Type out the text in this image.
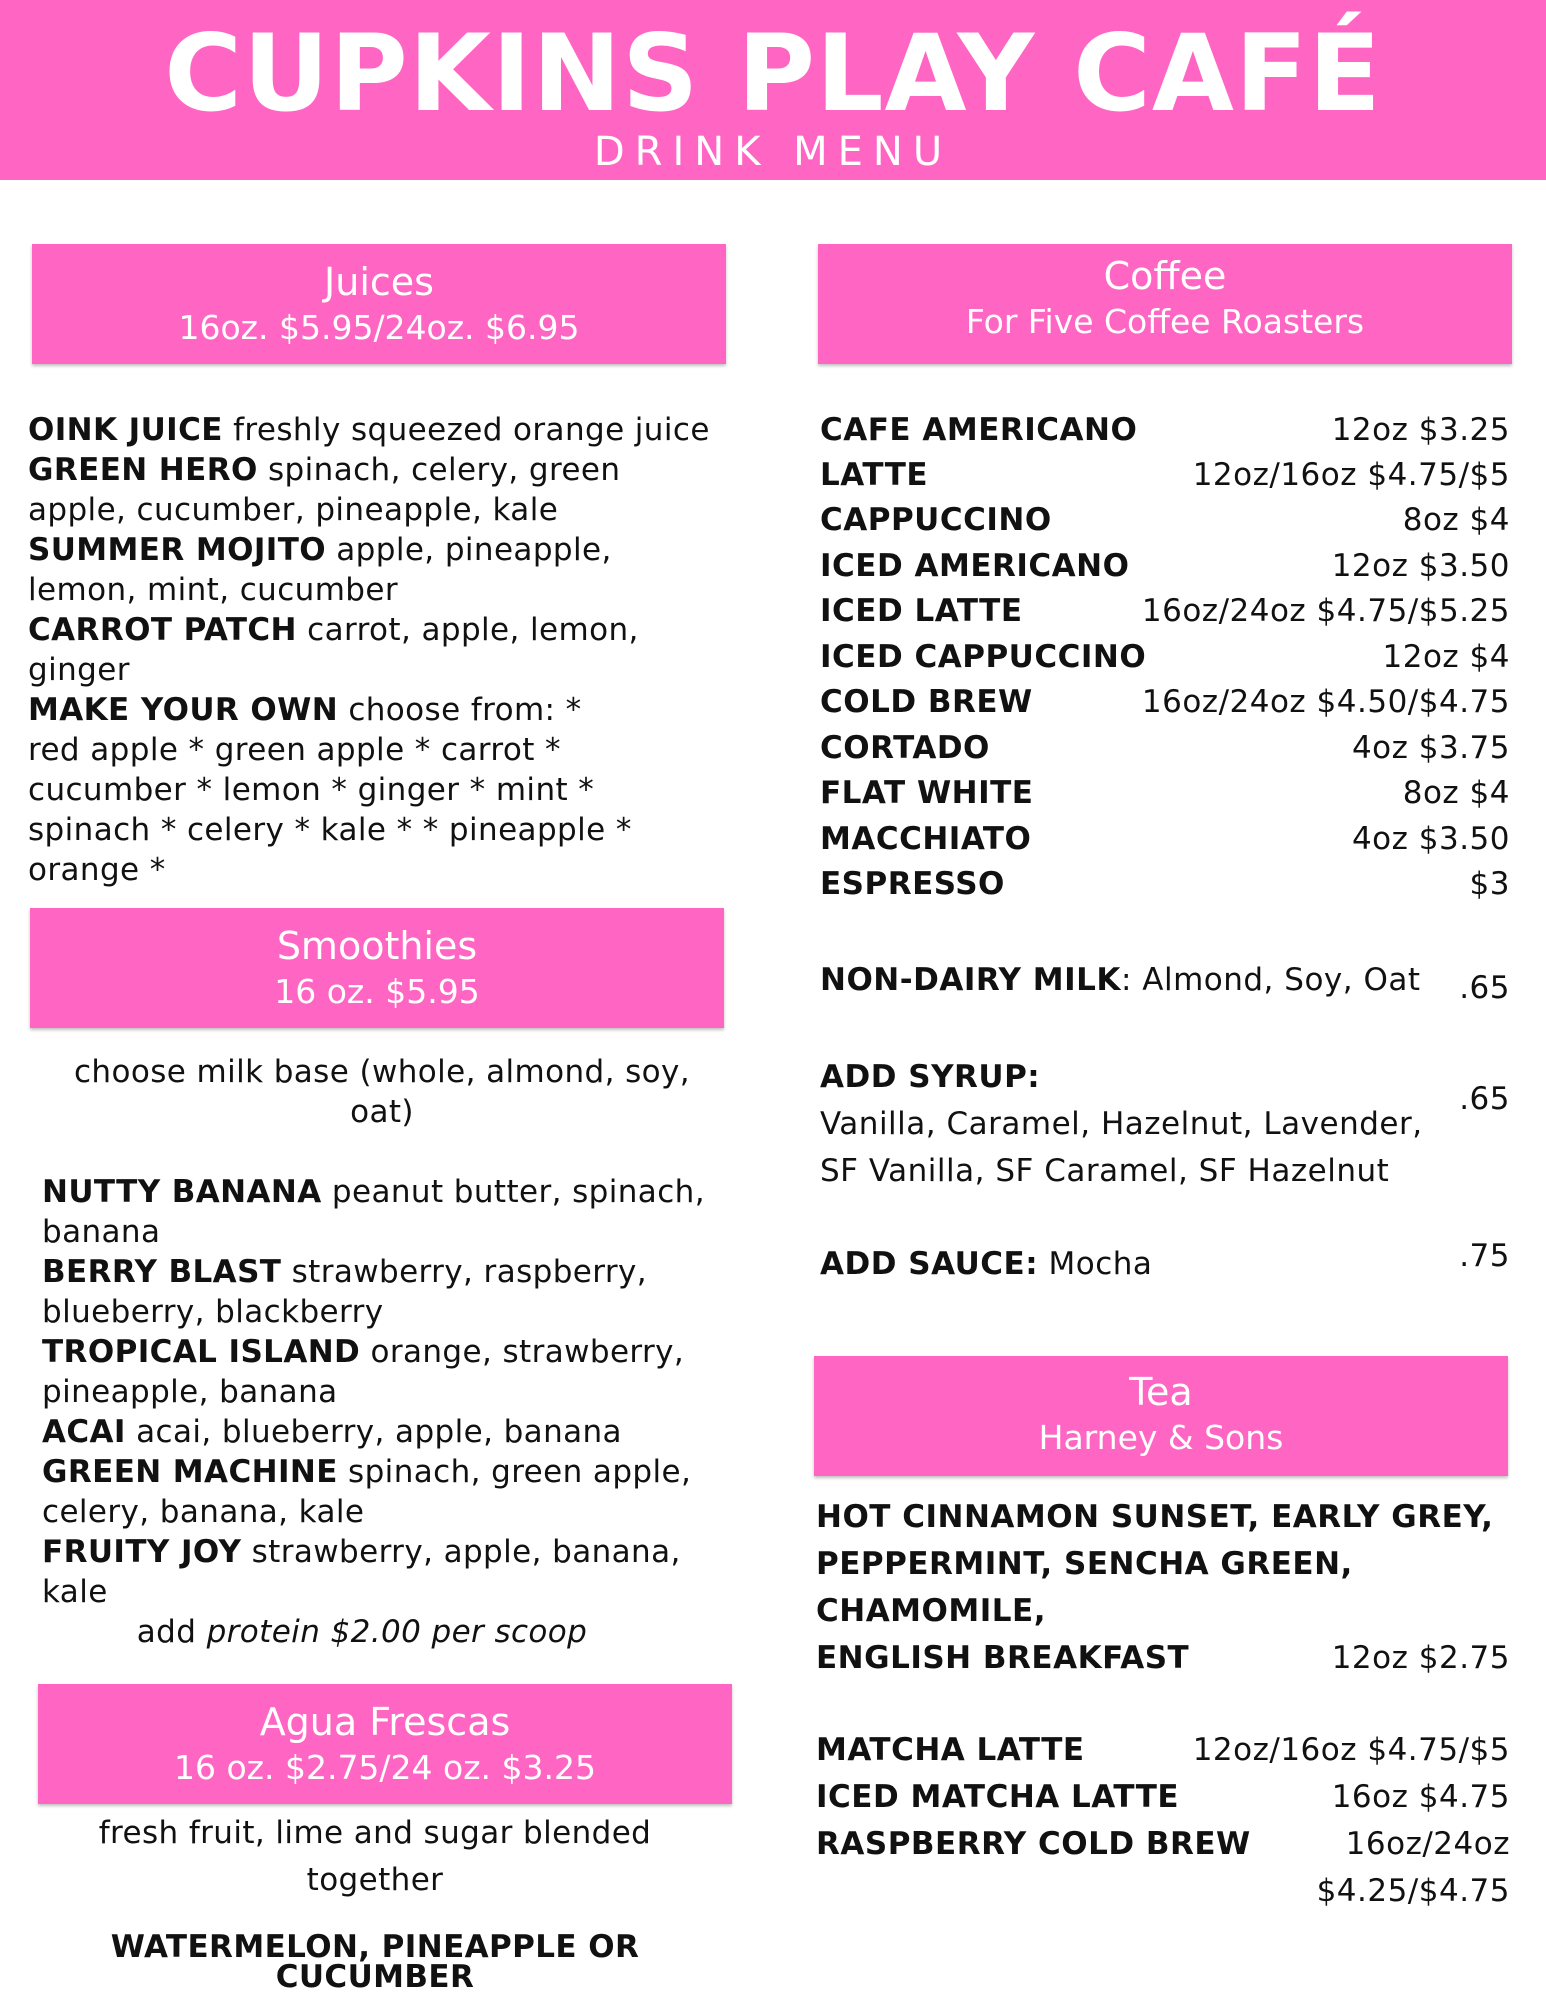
CUPKINS PLAY CAFÉ
DRINK MENU
Juices
16oz. $5.95/24oz. $6.95

OINK JUICE freshly squeezed orange juice

GREEN HERO spinach, celery, green apple, cucumber, pineapple, kale

SUMMER MOJITO apple, pineapple, lemon, mint, cucumber

CARROT PATCH carrot, apple, lemon, ginger

MAKE YOUR OWN choose from: * red apple * green apple * carrot * cucumber * lemon * ginger * mint * spinach * celery * kale * * pineapple * orange *

Smoothies
16 oz. $5.95

choose milk base (whole, almond, soy, oat)

NUTTY BANANA peanut butter, spinach, banana

BERRY BLAST strawberry, raspberry, blueberry, blackberry

TROPICAL ISLAND orange, strawberry, pineapple, banana

ACAI acai, blueberry, apple, banana

GREEN MACHINE spinach, green apple, celery, banana, kale

FRUITY JOY strawberry, apple, banana, kale

add protein $2.00 per scoop

Agua Frescas
16 oz. $2.75/24 oz. $3.25

fresh fruit, lime and sugar blended together

WATERMELON, PINEAPPLE OR CUCUMBER

Coffee
For Five Coffee Roasters
CAFE AMERICANO	12oz $3.25
LATTE	12oz/16oz $4.75/$5
CAPPUCCINO	8oz $4
ICED AMERICANO	12oz $3.50
ICED LATTE	16oz/24oz $4.75/$5.25
ICED CAPPUCCINO	12oz $4
COLD BREW	16oz/24oz $4.50/$4.75
CORTADO	4oz $3.75
FLAT WHITE	8oz $4
MACCHIATO	4oz $3.50
ESPRESSO	$3
NON-DAIRY MILK: Almond, Soy, Oat .65
ADD SYRUP:
Vanilla, Caramel, Hazelnut, Lavender,
SF Vanilla, SF Caramel, SF Hazelnut
.65
ADD SAUCE: Mocha	.75
Tea
Harney & Sons
HOT CINNAMON SUNSET, EARLY GREY,
PEPPERMINT, SENCHA GREEN,
CHAMOMILE,
ENGLISH BREAKFAST	12oz $2.75
MATCHA LATTE	12oz/16oz $4.75/$5
ICED MATCHA LATTE	16oz $4.75
RASPBERRY COLD BREW	16oz/24oz
$4.25/$4.75
